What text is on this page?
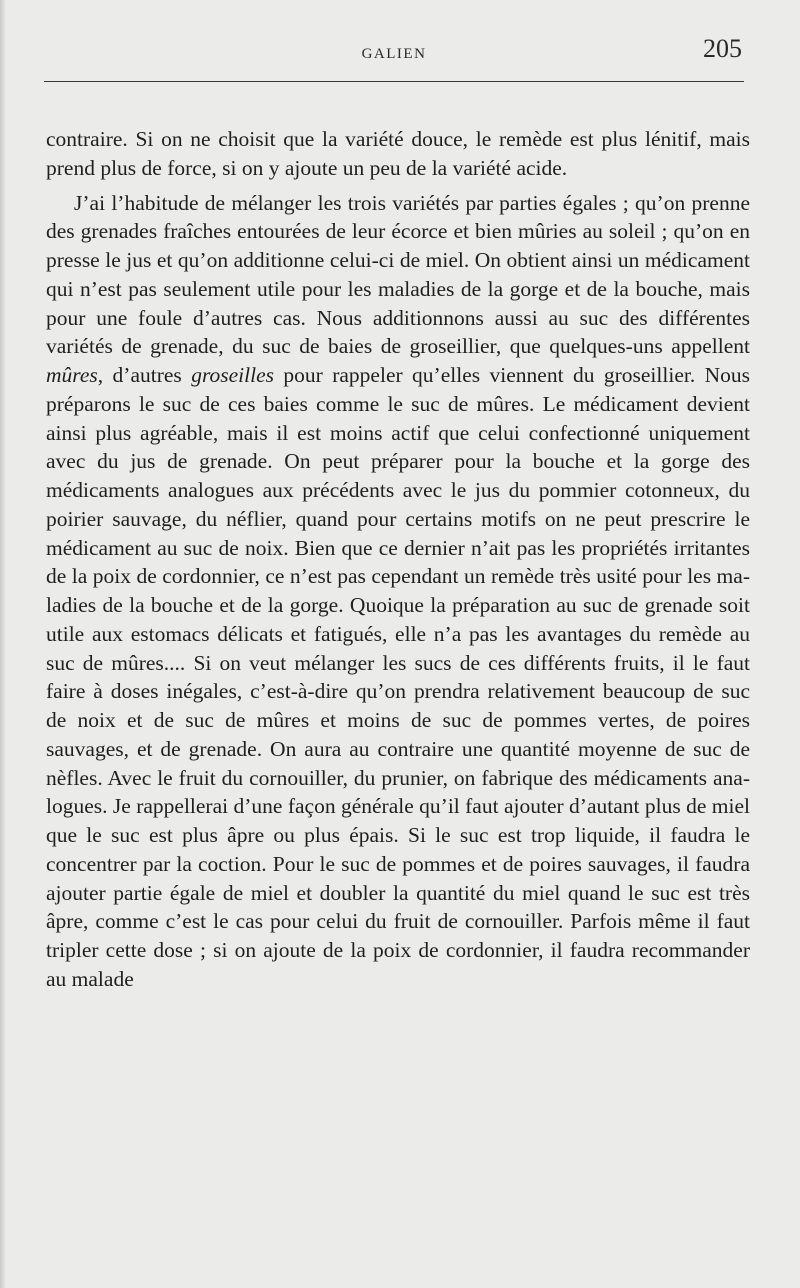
GALIEN	205

contraire. Si on ne choisit que la variété douce, le remède est plus lénitif, mais prend plus de force, si on y ajoute un peu de la variété acide.

J’ai l’habitude de mélanger les trois variétés par parties égales ; qu’on prenne des grenades fraîches entourées de leur écorce et bien mûries au soleil ; qu’on en presse le jus et qu’on additionne celui-ci de miel. On obtient ainsi un médicament qui n’est pas seulement utile pour les maladies de la gorge et de la bouche, mais pour une foule d’autres cas. Nous additionnons aussi au suc des différentes variétés de grenade, du suc de baies de groseillier, que quelques-uns appellent mûres, d’autres groseilles pour rappeler qu’elles viennent du groseillier. Nous préparons le suc de ces baies comme le suc de mûres. Le médicament devient ainsi plus agréable, mais il est moins actif que celui confectionné uniquement avec du jus de grenade. On peut préparer pour la bouche et la gorge des médicaments analogues aux précédents avec le jus du pommier cotonneux, du poirier sauvage, du néflier, quand pour certains motifs on ne peut prescrire le médicament au suc de noix. Bien que ce dernier n’ait pas les propriétés irritantes de la poix de cordonnier, ce n’est pas cependant un remède très usité pour les maladies de la bouche et de la gorge. Quoique la préparation au suc de grenade soit utile aux estomacs délicats et fatigués, elle n’a pas les avantages du remède au suc de mûres.... Si on veut mélanger les sucs de ces différents fruits, il le faut faire à doses inégales, c’est-à-dire qu’on prendra relativement beaucoup de suc de noix et de suc de mûres et moins de suc de pommes vertes, de poires sauvages, et de grenade. On aura au contraire une quantité moyenne de suc de nèfles. Avec le fruit du cornouiller, du prunier, on fabrique des médicaments analogues. Je rappellerai d’une façon générale qu’il faut ajouter d’autant plus de miel que le suc est plus âpre ou plus épais. Si le suc est trop liquide, il faudra le concentrer par la coction. Pour le suc de pommes et de poires sauvages, il faudra ajouter partie égale de miel et doubler la quantité du miel quand le suc est très âpre, comme c’est le cas pour celui du fruit de cornouiller. Parfois même il faut tripler cette dose ; si on ajoute de la poix de cordonnier, il faudra recommander au malade
